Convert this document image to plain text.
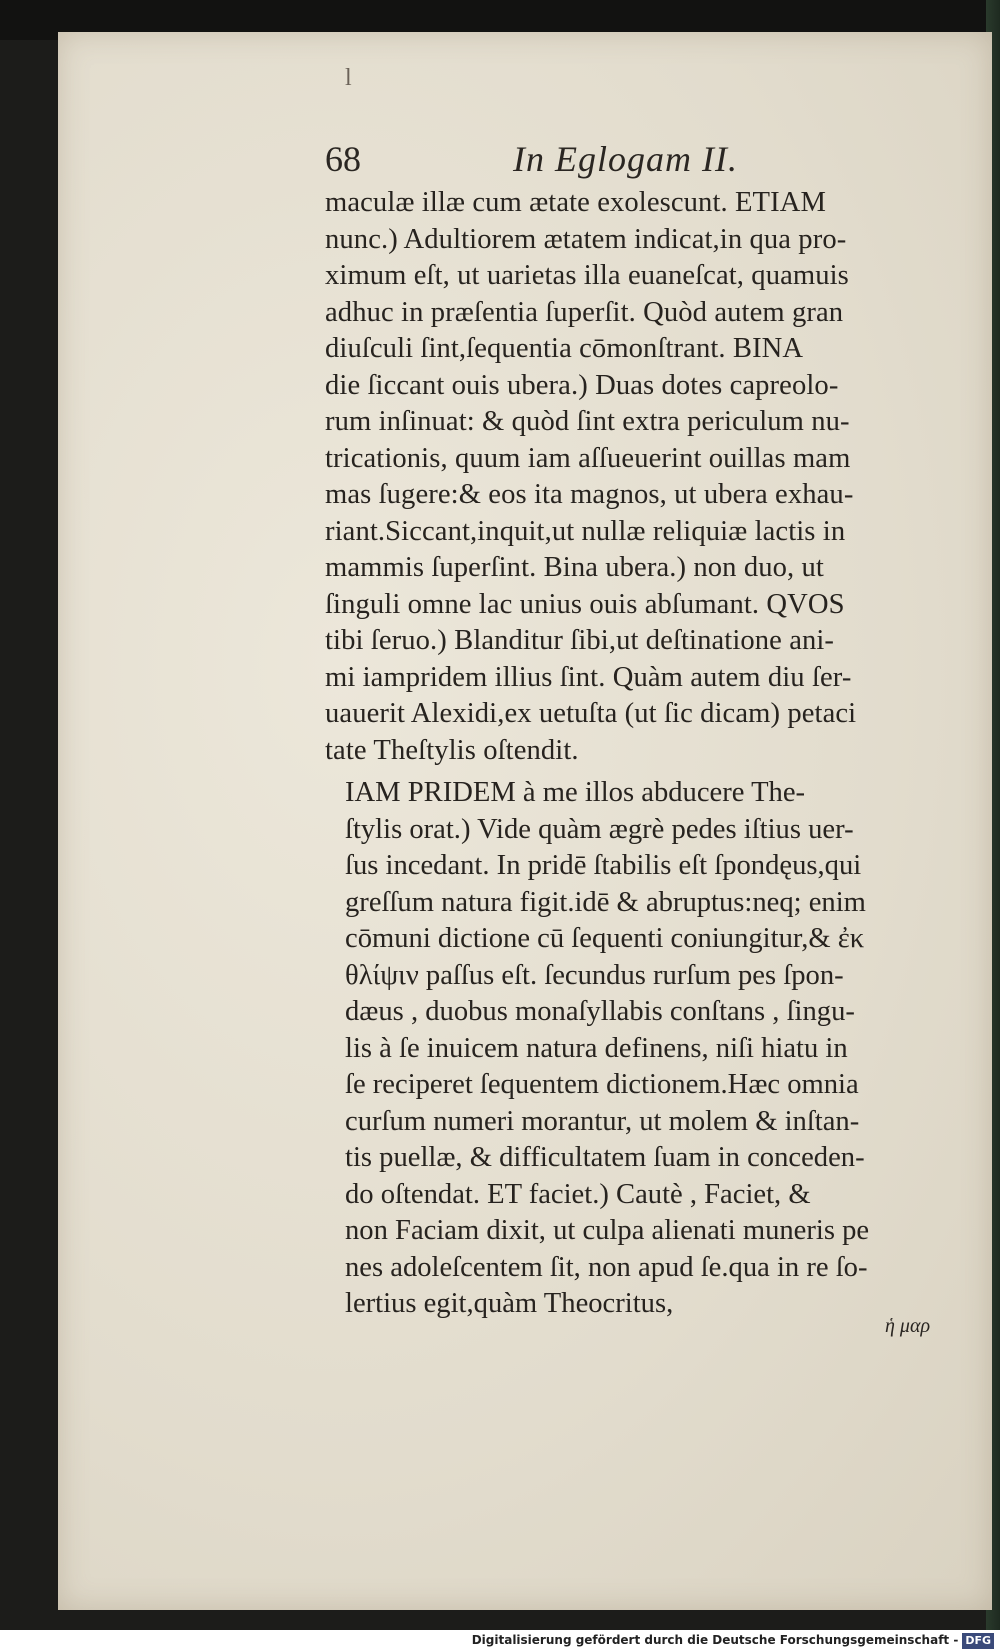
l
68	In Eglogam II.
maculæ illæ cum ætate exolescunt. ETIAM
nunc.) Adultiorem ætatem indicat,in qua pro-
ximum eſt, ut uarietas illa euaneſcat, quamuis
adhuc in præſentia ſuperſit. Quòd autem gran
diuſculi ſint,ſequentia cōmonſtrant. BINA
die ſiccant ouis ubera.) Duas dotes capreolo-
rum inſinuat: & quòd ſint extra periculum nu-
tricationis, quum iam aſſueuerint ouillas mam
mas ſugere:& eos ita magnos, ut ubera exhau-
riant.Siccant,inquit,ut nullæ reliquiæ lactis in
mammis ſuperſint. Bina ubera.) non duo, ut
ſinguli omne lac unius ouis abſumant. QVOS
tibi ſeruo.) Blanditur ſibi,ut deſtinatione ani-
mi iampridem illius ſint. Quàm autem diu ſer-
uauerit Alexidi,ex uetuſta (ut ſic dicam) petaci
tate Theſtylis oſtendit.
IAM PRIDEM à me illos abducere The-
ſtylis orat.) Vide quàm ægrè pedes iſtius uer-
ſus incedant. In pridē ſtabilis eſt ſpondęus,qui
greſſum natura figit.idē & abruptus:neq; enim
cōmuni dictione cū ſequenti coniungitur,& ἐκ
θλίψιν paſſus eſt. ſecundus rurſum pes ſpon-
dæus , duobus monaſyllabis conſtans , ſingu-
lis à ſe inuicem natura definens, niſi hiatu in
ſe reciperet ſequentem dictionem.Hæc omnia
curſum numeri morantur, ut molem & inſtan-
tis puellæ, & difficultatem ſuam in conceden-
do oſtendat. ET faciet.) Cautè , Faciet, &
non Faciam dixit, ut culpa alienati muneris pe
nes adoleſcentem ſit, non apud ſe.qua in re ſo-
lertius egit,quàm Theocritus,
ἡ μαρ
Digitalisierung gefördert durch die Deutsche Forschungsgemeinschaft - DFG
